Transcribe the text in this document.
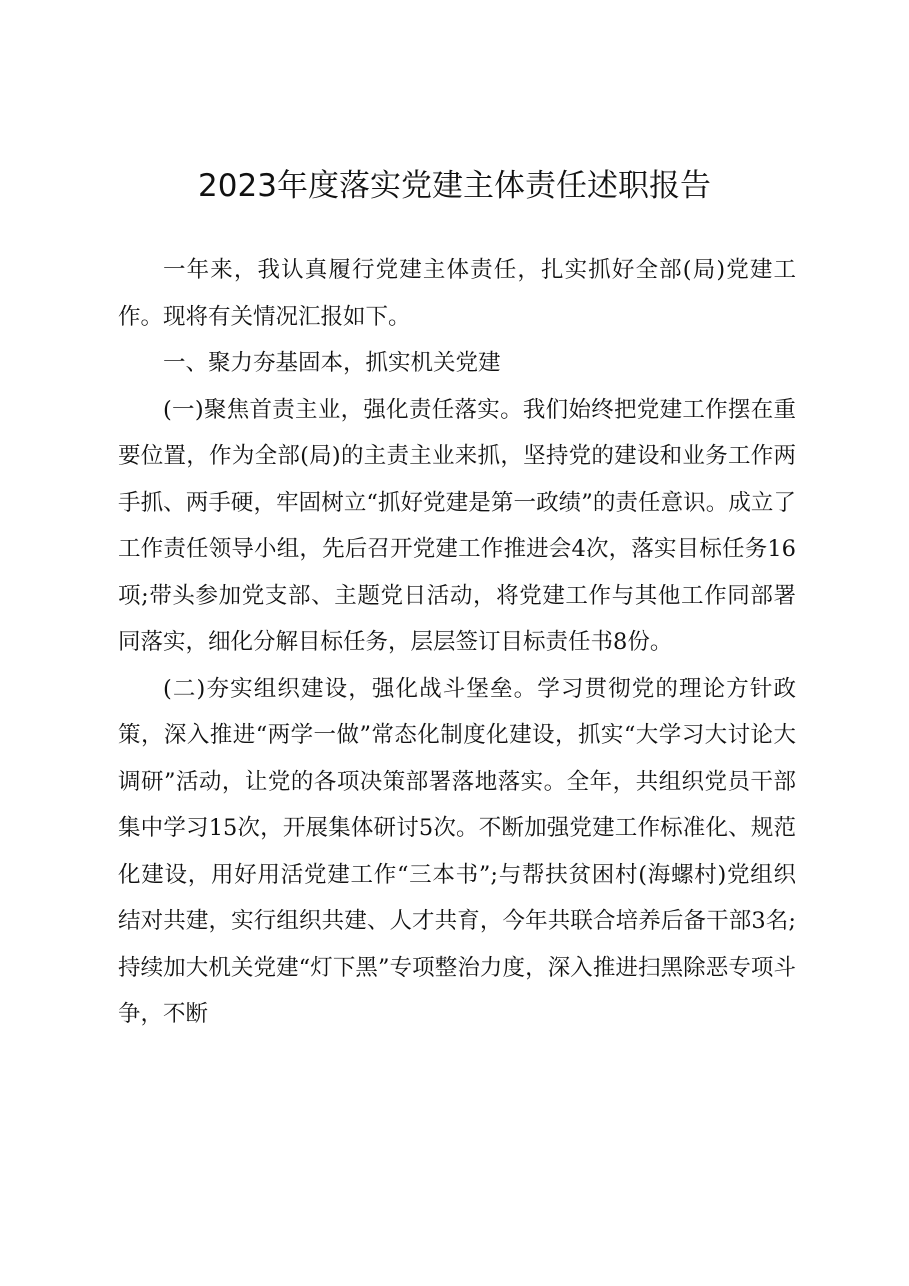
2023年度落实党建主体责任述职报告

一年来，我认真履行党建主体责任，扎实抓好全部(局)党建工作。现将有关情况汇报如下。

一、聚力夯基固本，抓实机关党建

(一)聚焦首责主业，强化责任落实。我们始终把党建工作摆在重要位置，作为全部(局)的主责主业来抓，坚持党的建设和业务工作两手抓、两手硬，牢固树立“抓好党建是第一政绩”的责任意识。成立了工作责任领导小组，先后召开党建工作推进会4次，落实目标任务16项;带头参加党支部、主题党日活动，将党建工作与其他工作同部署同落实，细化分解目标任务，层层签订目标责任书8份。

(二)夯实组织建设，强化战斗堡垒。学习贯彻党的理论方针政策，深入推进“两学一做”常态化制度化建设，抓实“大学习大讨论大调研”活动，让党的各项决策部署落地落实。全年，共组织党员干部集中学习15次，开展集体研讨5次。不断加强党建工作标准化、规范化建设，用好用活党建工作“三本书”;与帮扶贫困村(海螺村)党组织结对共建，实行组织共建、人才共育，今年共联合培养后备干部3名;持续加大机关党建“灯下黑”专项整治力度，深入推进扫黑除恶专项斗争，不断
